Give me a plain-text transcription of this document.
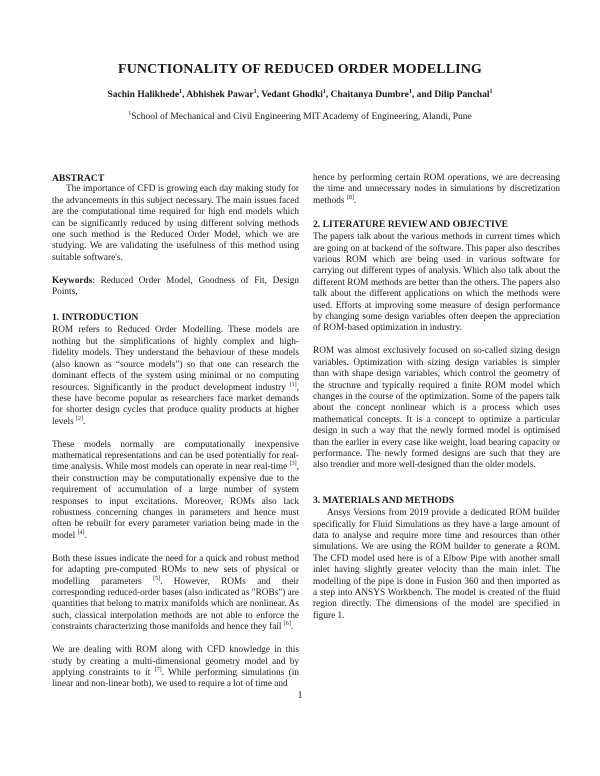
FUNCTIONALITY OF REDUCED ORDER MODELLING
Sachin Halikhede$^1$, Abhishek Pawar$^1$, Vedant Ghodki$^1$, Chaitanya Dumbre$^1$, and Dilip Panchal$^1$
$^1$School of Mechanical and Civil Engineering MIT Academy of Engineering, Alandi, Pune
ABSTRACT

The importance of CFD is growing each day making study for the advancements in this subject necessary. The main issues faced are the computational time required for high end models which can be significantly reduced by using different solving methods one such method is the Reduced Order Model, which we are studying. We are validating the usefulness of this method using suitable software's.

Keywords: Reduced Order Model, Goodness of Fit, Design Points,

1. INTRODUCTION

ROM refers to Reduced Order Modelling. These models are nothing but the simplifications of highly complex and high-fidelity models. They understand the behaviour of these models (also known as “source models”) so that one can research the dominant effects of the system using minimal or no computing resources. Significantly in the product development industry [1], these have become popular as researchers face market demands for shorter design cycles that produce quality products at higher levels [2].

These models normally are computationally inexpensive mathematical representations and can be used potentially for real-time analysis. While most models can operate in near real-time [3], their construction may be computationally expensive due to the requirement of accumulation of a large number of system responses to input excitations. Moreover, ROMs also lack robustness concerning changes in parameters and hence must often be rebuilt for every parameter variation being made in the model [4].

Both these issues indicate the need for a quick and robust method for adapting pre-computed ROMs to new sets of physical or modelling parameters [5]. However, ROMs and their corresponding reduced-order bases (also indicated as "ROBs") are quantities that belong to matrix manifolds which are nonlinear. As such, classical interpolation methods are not able to enforce the constraints characterizing those manifolds and hence they fail [6].

We are dealing with ROM along with CFD knowledge in this study by creating a multi-dimensional geometry model and by applying constraints to it [7]. While performing simulations (in linear and non-linear both), we used to require a lot of time and

hence by performing certain ROM operations, we are decreasing the time and unnecessary nodes in simulations by discretization methods [8].

2. LITERATURE REVIEW AND OBJECTIVE

The papers talk about the various methods in current times which are going on at backend of the software. This paper also describes various ROM which are being used in various software for carrying out different types of analysis. Which also talk about the different ROM methods are better than the others. The papers also talk about the different applications on which the methods were used. Efforts at improving some measure of design performance by changing some design variables often deepen the appreciation of ROM-based optimization in industry.

ROM was almost exclusively focused on so-called sizing design variables. Optimization with sizing design variables is simpler than with shape design variables, which control the geometry of the structure and typically required a finite ROM model which changes in the course of the optimization. Some of the papers talk about the concept nonlinear which is a process which uses mathematical concepts. It is a concept to optimize a particular design in such a way that the newly formed model is optimised than the earlier in every case like weight, load bearing capacity or performance. The newly formed designs are such that they are also trendier and more well-designed than the older models.

3. MATERIALS AND METHODS

Ansys Versions from 2019 provide a dedicated ROM builder specifically for Fluid Simulations as they have a large amount of data to analyse and require more time and resources than other simulations. We are using the ROM builder to generate a ROM. The CFD model used here is of a Elbow Pipe with another small inlet having slightly greater velocity than the main inlet. The modelling of the pipe is done in Fusion 360 and then imported as a step into ANSYS Workbench. The model is created of the fluid region directly. The dimensions of the model are specified in figure 1.

1
